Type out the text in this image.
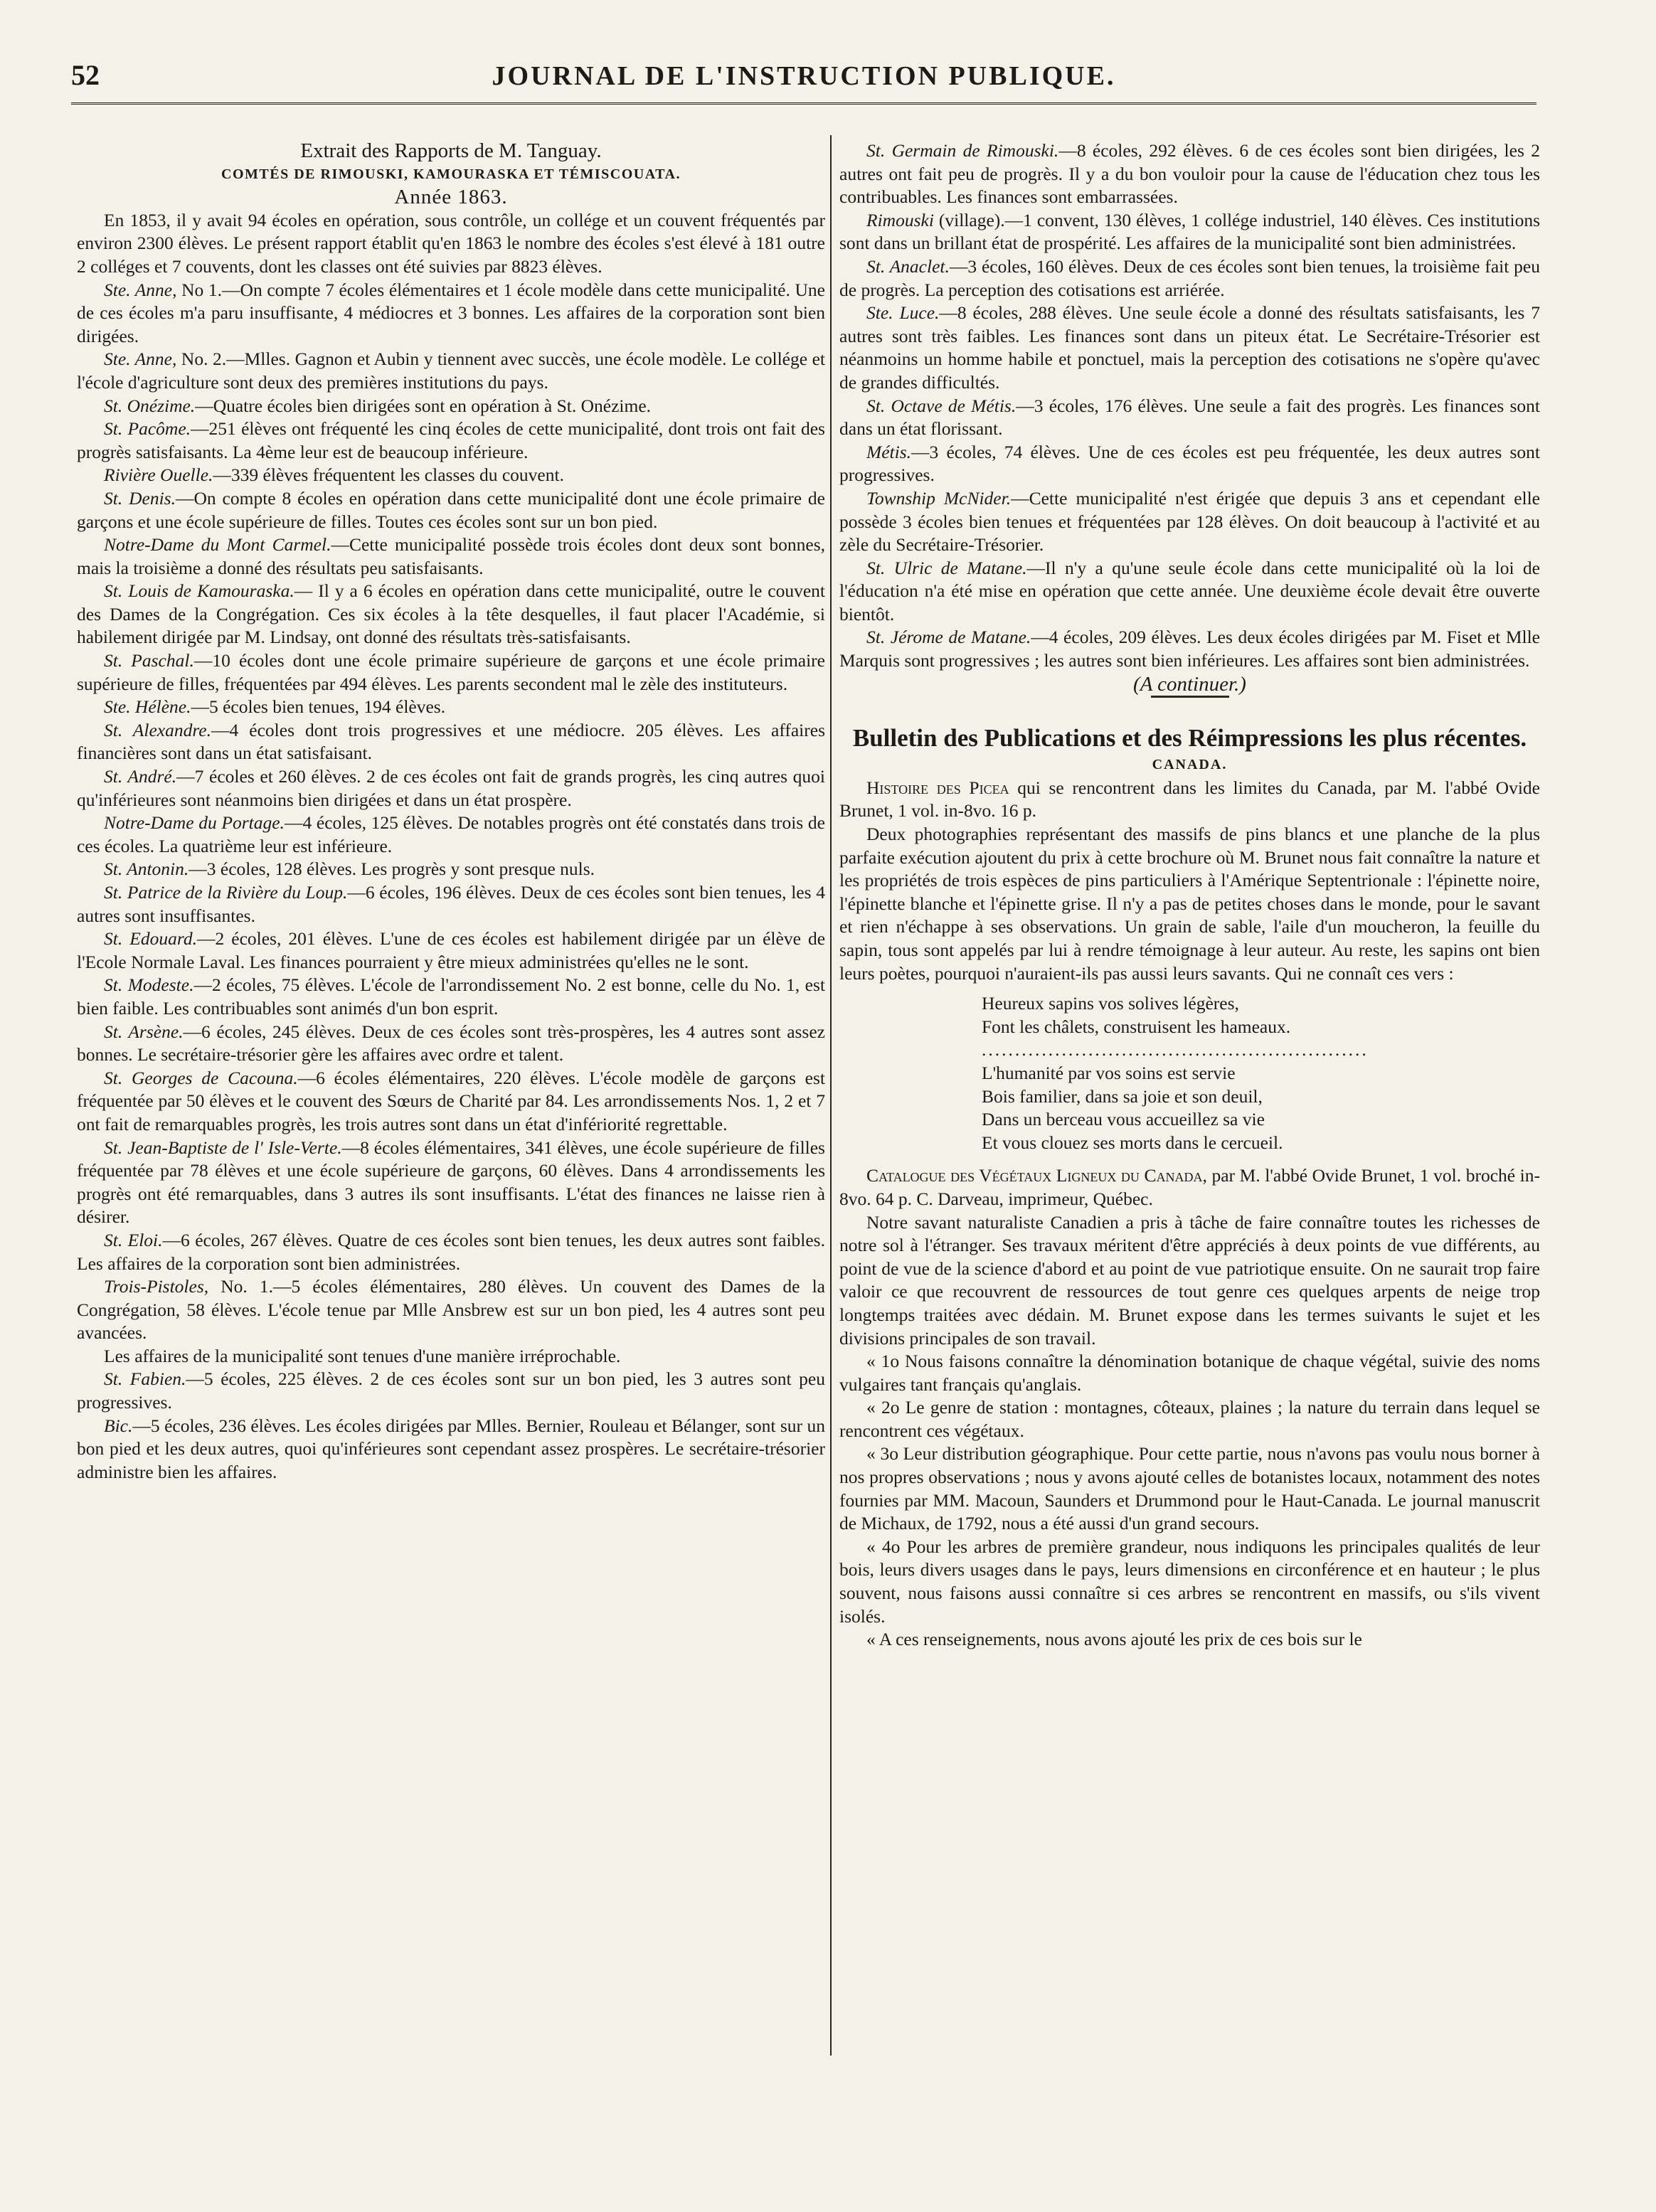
52	JOURNAL DE L'INSTRUCTION PUBLIQUE.

Extrait des Rapports de M. Tanguay.

COMTÉS DE RIMOUSKI, KAMOURASKA ET TÉMISCOUATA.

Année 1863.

En 1853, il y avait 94 écoles en opération, sous contrôle, un collége et un couvent fréquentés par environ 2300 élèves. Le présent rapport établit qu'en 1863 le nombre des écoles s'est élevé à 181 outre 2 colléges et 7 couvents, dont les classes ont été suivies par 8823 élèves.

Ste. Anne, No 1.—On compte 7 écoles élémentaires et 1 école modèle dans cette municipalité. Une de ces écoles m'a paru insuffisante, 4 médiocres et 3 bonnes. Les affaires de la corporation sont bien dirigées.

Ste. Anne, No. 2.—Mlles. Gagnon et Aubin y tiennent avec succès, une école modèle. Le collége et l'école d'agriculture sont deux des premières institutions du pays.

St. Onézime.—Quatre écoles bien dirigées sont en opération à St. Onézime.

St. Pacôme.—251 élèves ont fréquenté les cinq écoles de cette municipalité, dont trois ont fait des progrès satisfaisants. La 4ème leur est de beaucoup inférieure.

Rivière Ouelle.—339 élèves fréquentent les classes du couvent.

St. Denis.—On compte 8 écoles en opération dans cette municipalité dont une école primaire de garçons et une école supérieure de filles. Toutes ces écoles sont sur un bon pied.

Notre-Dame du Mont Carmel.—Cette municipalité possède trois écoles dont deux sont bonnes, mais la troisième a donné des résultats peu satisfaisants.

St. Louis de Kamouraska.— Il y a 6 écoles en opération dans cette municipalité, outre le couvent des Dames de la Congrégation. Ces six écoles à la tête desquelles, il faut placer l'Académie, si habilement dirigée par M. Lindsay, ont donné des résultats très-satisfaisants.

St. Paschal.—10 écoles dont une école primaire supérieure de garçons et une école primaire supérieure de filles, fréquentées par 494 élèves. Les parents secondent mal le zèle des instituteurs.

Ste. Hélène.—5 écoles bien tenues, 194 élèves.

St. Alexandre.—4 écoles dont trois progressives et une médiocre. 205 élèves. Les affaires financières sont dans un état satisfaisant.

St. André.—7 écoles et 260 élèves. 2 de ces écoles ont fait de grands progrès, les cinq autres quoi qu'inférieures sont néanmoins bien dirigées et dans un état prospère.

Notre-Dame du Portage.—4 écoles, 125 élèves. De notables progrès ont été constatés dans trois de ces écoles. La quatrième leur est inférieure.

St. Antonin.—3 écoles, 128 élèves. Les progrès y sont presque nuls.

St. Patrice de la Rivière du Loup.—6 écoles, 196 élèves. Deux de ces écoles sont bien tenues, les 4 autres sont insuffisantes.

St. Edouard.—2 écoles, 201 élèves. L'une de ces écoles est habilement dirigée par un élève de l'Ecole Normale Laval. Les finances pourraient y être mieux administrées qu'elles ne le sont.

St. Modeste.—2 écoles, 75 élèves. L'école de l'arrondissement No. 2 est bonne, celle du No. 1, est bien faible. Les contribuables sont animés d'un bon esprit.

St. Arsène.—6 écoles, 245 élèves. Deux de ces écoles sont très-prospères, les 4 autres sont assez bonnes. Le secrétaire-trésorier gère les affaires avec ordre et talent.

St. Georges de Cacouna.—6 écoles élémentaires, 220 élèves. L'école modèle de garçons est fréquentée par 50 élèves et le couvent des Sœurs de Charité par 84. Les arrondissements Nos. 1, 2 et 7 ont fait de remarquables progrès, les trois autres sont dans un état d'infériorité regrettable.

St. Jean-Baptiste de l' Isle-Verte.—8 écoles élémentaires, 341 élèves, une école supérieure de filles fréquentée par 78 élèves et une école supérieure de garçons, 60 élèves. Dans 4 arrondissements les progrès ont été remarquables, dans 3 autres ils sont insuffisants. L'état des finances ne laisse rien à désirer.

St. Eloi.—6 écoles, 267 élèves. Quatre de ces écoles sont bien tenues, les deux autres sont faibles. Les affaires de la corporation sont bien administrées.

Trois-Pistoles, No. 1.—5 écoles élémentaires, 280 élèves. Un couvent des Dames de la Congrégation, 58 élèves. L'école tenue par Mlle Ansbrew est sur un bon pied, les 4 autres sont peu avancées.

Les affaires de la municipalité sont tenues d'une manière irréprochable.

St. Fabien.—5 écoles, 225 élèves. 2 de ces écoles sont sur un bon pied, les 3 autres sont peu progressives.

Bic.—5 écoles, 236 élèves. Les écoles dirigées par Mlles. Bernier, Rouleau et Bélanger, sont sur un bon pied et les deux autres, quoi qu'inférieures sont cependant assez prospères. Le secrétaire-trésorier administre bien les affaires.

St. Germain de Rimouski.—8 écoles, 292 élèves. 6 de ces écoles sont bien dirigées, les 2 autres ont fait peu de progrès. Il y a du bon vouloir pour la cause de l'éducation chez tous les contribuables. Les finances sont embarrassées.

Rimouski (village).—1 convent, 130 élèves, 1 collége industriel, 140 élèves. Ces institutions sont dans un brillant état de prospérité. Les affaires de la municipalité sont bien administrées.

St. Anaclet.—3 écoles, 160 élèves. Deux de ces écoles sont bien tenues, la troisième fait peu de progrès. La perception des cotisations est arriérée.

Ste. Luce.—8 écoles, 288 élèves. Une seule école a donné des résultats satisfaisants, les 7 autres sont très faibles. Les finances sont dans un piteux état. Le Secrétaire-Trésorier est néanmoins un homme habile et ponctuel, mais la perception des cotisations ne s'opère qu'avec de grandes difficultés.

St. Octave de Métis.—3 écoles, 176 élèves. Une seule a fait des progrès. Les finances sont dans un état florissant.

Métis.—3 écoles, 74 élèves. Une de ces écoles est peu fréquentée, les deux autres sont progressives.

Township McNider.—Cette municipalité n'est érigée que depuis 3 ans et cependant elle possède 3 écoles bien tenues et fréquentées par 128 élèves. On doit beaucoup à l'activité et au zèle du Secrétaire-Trésorier.

St. Ulric de Matane.—Il n'y a qu'une seule école dans cette municipalité où la loi de l'éducation n'a été mise en opération que cette année. Une deuxième école devait être ouverte bientôt.

St. Jérome de Matane.—4 écoles, 209 élèves. Les deux écoles dirigées par M. Fiset et Mlle Marquis sont progressives ; les autres sont bien inférieures. Les affaires sont bien administrées.

(A continuer.)

Bulletin des Publications et des Réimpressions les plus récentes.

CANADA.

Histoire des Picea qui se rencontrent dans les limites du Canada, par M. l'abbé Ovide Brunet, 1 vol. in-8vo. 16 p.

Deux photographies représentant des massifs de pins blancs et une planche de la plus parfaite exécution ajoutent du prix à cette brochure où M. Brunet nous fait connaître la nature et les propriétés de trois espèces de pins particuliers à l'Amérique Septentrionale : l'épinette noire, l'épinette blanche et l'épinette grise. Il n'y a pas de petites choses dans le monde, pour le savant et rien n'échappe à ses observations. Un grain de sable, l'aile d'un moucheron, la feuille du sapin, tous sont appelés par lui à rendre témoignage à leur auteur. Au reste, les sapins ont bien leurs poètes, pourquoi n'auraient-ils pas aussi leurs savants. Qui ne connaît ces vers :

Heureux sapins vos solives légères,
Font les châlets, construisent les hameaux.
..........................................................
L'humanité par vos soins est servie
Bois familier, dans sa joie et son deuil,
Dans un berceau vous accueillez sa vie
Et vous clouez ses morts dans le cercueil.

Catalogue des Végétaux Ligneux du Canada, par M. l'abbé Ovide Brunet, 1 vol. broché in-8vo. 64 p. C. Darveau, imprimeur, Québec.

Notre savant naturaliste Canadien a pris à tâche de faire connaître toutes les richesses de notre sol à l'étranger. Ses travaux méritent d'être appréciés à deux points de vue différents, au point de vue de la science d'abord et au point de vue patriotique ensuite. On ne saurait trop faire valoir ce que recouvrent de ressources de tout genre ces quelques arpents de neige trop longtemps traitées avec dédain. M. Brunet expose dans les termes suivants le sujet et les divisions principales de son travail.

« 1o Nous faisons connaître la dénomination botanique de chaque végétal, suivie des noms vulgaires tant français qu'anglais.

« 2o Le genre de station : montagnes, côteaux, plaines ; la nature du terrain dans lequel se rencontrent ces végétaux.

« 3o Leur distribution géographique. Pour cette partie, nous n'avons pas voulu nous borner à nos propres observations ; nous y avons ajouté celles de botanistes locaux, notamment des notes fournies par MM. Macoun, Saunders et Drummond pour le Haut-Canada. Le journal manuscrit de Michaux, de 1792, nous a été aussi d'un grand secours.

« 4o Pour les arbres de première grandeur, nous indiquons les principales qualités de leur bois, leurs divers usages dans le pays, leurs dimensions en circonférence et en hauteur ; le plus souvent, nous faisons aussi connaître si ces arbres se rencontrent en massifs, ou s'ils vivent isolés.

« A ces renseignements, nous avons ajouté les prix de ces bois sur le
